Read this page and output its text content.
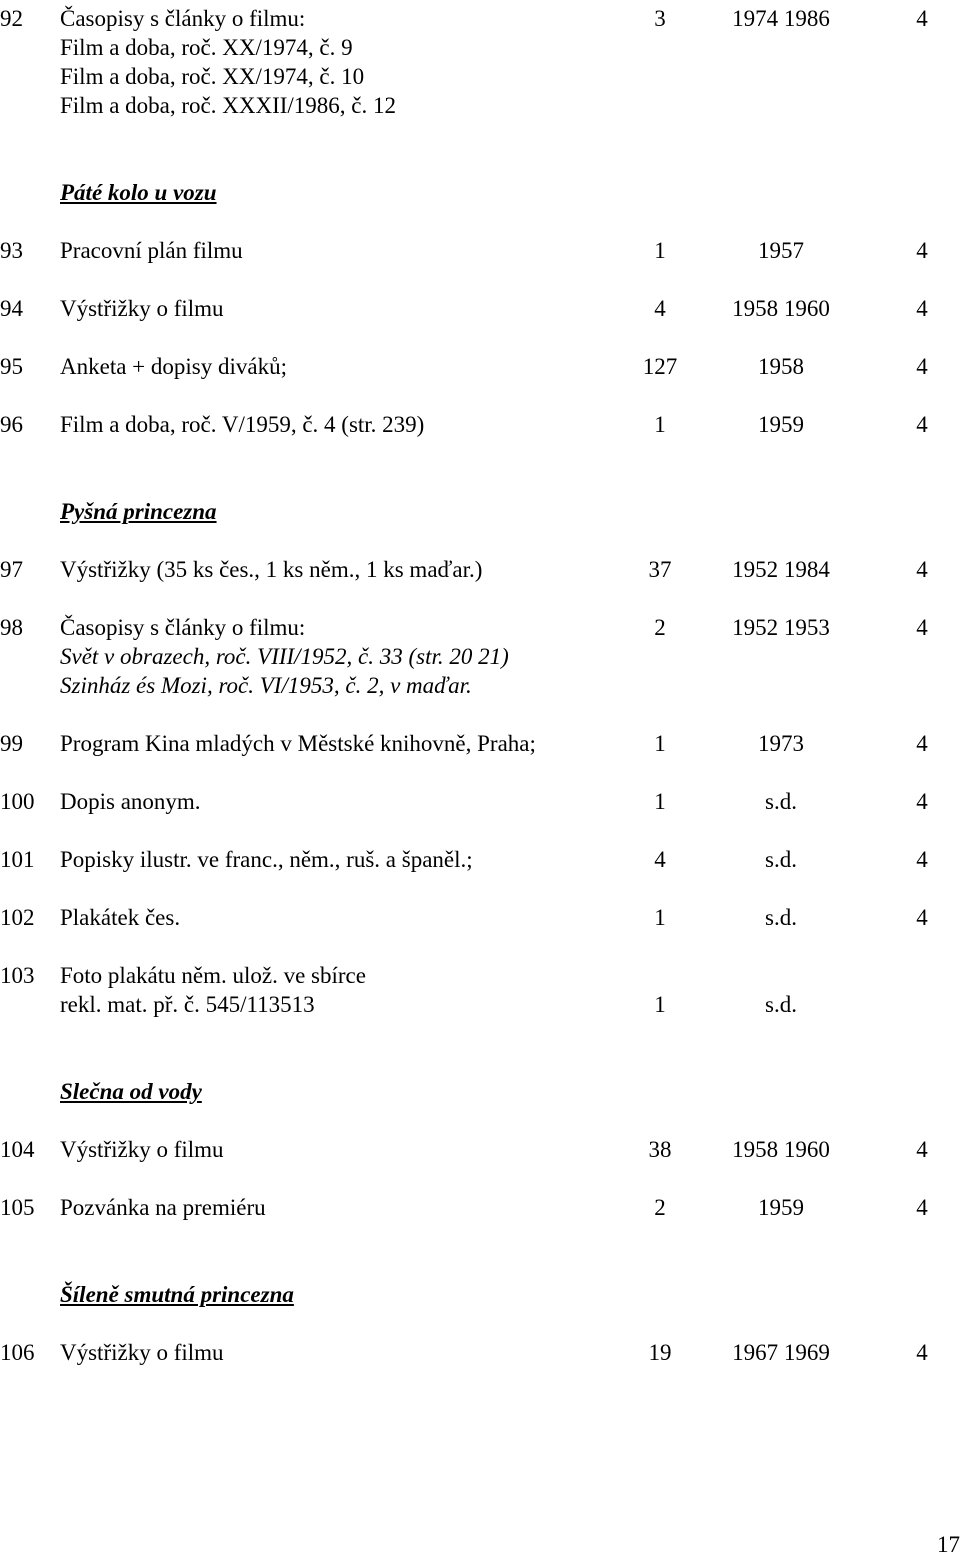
92 Časopisy s články o filmu:
Film a doba, roč. XX/1974, č. 9
Film a doba, roč. XX/1974, č. 10
Film a doba, roč. XXXII/1986, č. 12
3	1974 1986	4
Páté kolo u vozu
93 Pracovní plán filmu	1	1957	4
94 Výstřižky o filmu	4	1958 1960	4
95 Anketa + dopisy diváků;	127	1958	4
96 Film a doba, roč. V/1959, č. 4 (str. 239)	1	1959	4
Pyšná princezna
97 Výstřižky (35 ks čes., 1 ks něm., 1 ks maďar.)	37	1952 1984	4
98 Časopisy s články o filmu:
Svět v obrazech, roč. VIII/1952, č. 33 (str. 20 21)
Szinház és Mozi, roč. VI/1953, č. 2, v maďar.
2	1952 1953	4
99 Program Kina mladých v Městské knihovně, Praha;	1	1973	4
100 Dopis anonym.	1	s.d.	4
101 Popisky ilustr. ve franc., něm., ruš. a španěl.;	4	s.d.	4
102 Plakátek čes.	1	s.d.	4
103 Foto plakátu něm. ulož. ve sbírce
rekl. mat. př. č. 545/113513	1	s.d.
Slečna od vody
104 Výstřižky o filmu	38	1958 1960	4
105 Pozvánka na premiéru	2	1959	4
Šíleně smutná princezna
106 Výstřižky o filmu	19	1967 1969	4
17
